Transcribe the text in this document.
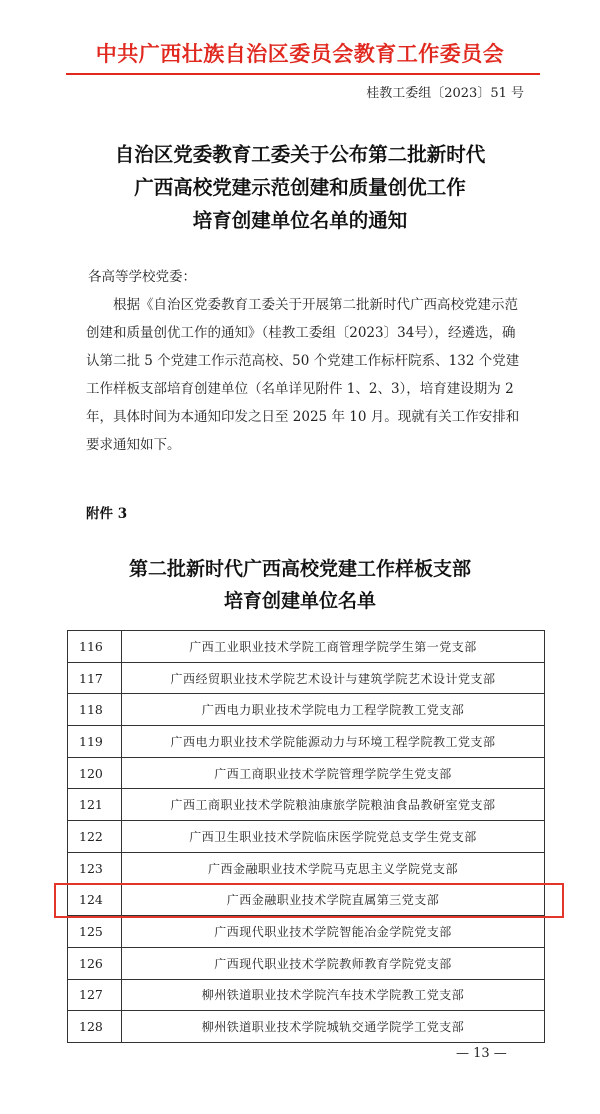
中共广西壮族自治区委员会教育工作委员会
桂教工委组〔2023〕51 号
自治区党委教育工委关于公布第二批新时代
广西高校党建示范创建和质量创优工作
培育创建单位名单的通知

各高等学校党委：

根据《自治区党委教育工委关于开展第二批新时代广西高校党建示范创建和质量创优工作的通知》（桂教工委组〔2023〕34号），经遴选，确认第二批 5 个党建工作示范高校、50 个党建工作标杆院系、132 个党建工作样板支部培育创建单位（名单详见附件 1、2、3），培育建设期为 2 年，具体时间为本通知印发之日至 2025 年 10 月。现就有关工作安排和要求通知如下。

附件 3
第二批新时代广西高校党建工作样板支部
培育创建单位名单
116	广西工业职业技术学院工商管理学院学生第一党支部
117	广西经贸职业技术学院艺术设计与建筑学院艺术设计党支部
118	广西电力职业技术学院电力工程学院教工党支部
119	广西电力职业技术学院能源动力与环境工程学院教工党支部
120	广西工商职业技术学院管理学院学生党支部
121	广西工商职业技术学院粮油康旅学院粮油食品教研室党支部
122	广西卫生职业技术学院临床医学院党总支学生党支部
123	广西金融职业技术学院马克思主义学院党支部
124	广西金融职业技术学院直属第三党支部
125	广西现代职业技术学院智能冶金学院党支部
126	广西现代职业技术学院教师教育学院党支部
127	柳州铁道职业技术学院汽车技术学院教工党支部
128	柳州铁道职业技术学院城轨交通学院学工党支部
— 13 —
